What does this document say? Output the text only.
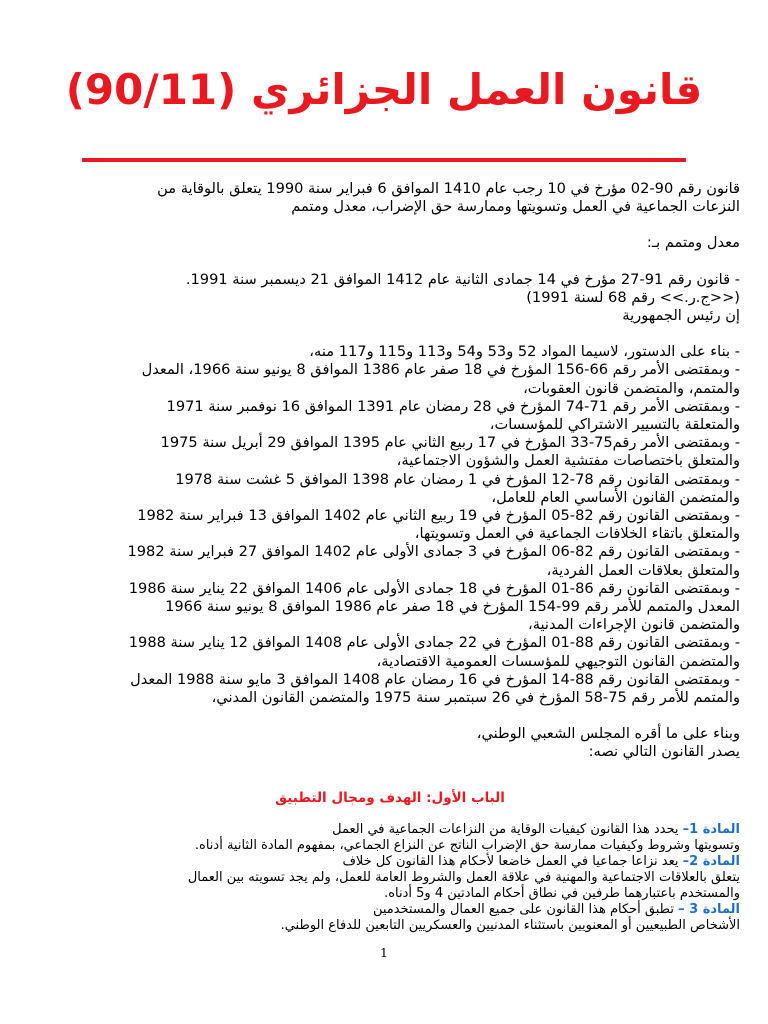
قانون العمل الجزائري (90/11)

قانون رقم 90-02 مؤرخ في 10 رجب عام 1410 الموافق 6 فبراير سنة 1990 يتعلق بالوقاية من

النزعات الجماعية في العمل وتسويتها وممارسة حق الإضراب، معدل ومتمم

معدل ومتمم بـ:

- قانون رقم 91-27 مؤرخ في 14 جمادى الثانية عام 1412 الموافق 21 ديسمبر سنة 1991.

(<<ج.ر.>> رقم 68 لسنة 1991)

إن رئيس الجمهورية

- بناء على الدستور، لاسيما المواد 52 و53 و54 و113 و115 و117 منه،

- وبمقتضى الأمر رقم 66-156 المؤرخ في 18 صفر عام 1386 الموافق 8 يونيو سنة 1966، المعدل

والمتمم، والمتضمن قانون العقوبات،

- وبمقتضى الأمر رقم 71-74 المؤرخ في 28 رمضان عام 1391 الموافق 16 نوفمبر سنة 1971

والمتعلقة بالتسيير الاشتراكي للمؤسسات،

- وبمقتضى الأمر رقم75-33 المؤرخ في 17 ربيع الثاني عام 1395 الموافق 29 أبريل سنة 1975

والمتعلق باختصاصات مفتشية العمل والشؤون الاجتماعية،

- وبمقتضى القانون رقم 78-12 المؤرخ في 1 رمضان عام 1398 الموافق 5 غشت سنة 1978

والمتضمن القانون الأساسي العام للعامل،

- وبمقتضى القانون رقم 82-05 المؤرخ في 19 ربيع الثاني عام 1402 الموافق 13 فبراير سنة 1982

والمتعلق باتقاء الخلافات الجماعية في العمل وتسويتها،

- وبمقتضى القانون رقم 82-06 المؤرخ في 3 جمادى الأولى عام 1402 الموافق 27 فبراير سنة 1982

والمتعلق بعلاقات العمل الفردية،

- وبمقتضى القانون رقم 86-01 المؤرخ في 18 جمادى الأولى عام 1406 الموافق 22 يناير سنة 1986

المعدل والمتمم للأمر رقم 99-154 المؤرخ في 18 صفر عام 1986 الموافق 8 يونيو سنة 1966

والمتضمن قانون الإجراءات المدنية،

- وبمقتضى القانون رقم 88-01 المؤرخ في 22 جمادى الأولى عام 1408 الموافق 12 يناير سنة 1988

والمتضمن القانون التوجيهي للمؤسسات العمومية الاقتصادية،

- وبمقتضى القانون رقم 88-14 المؤرخ في 16 رمضان عام 1408 الموافق 3 مايو سنة 1988 المعدل

والمتمم للأمر رقم 75-58 المؤرخ في 26 سبتمبر سنة 1975 والمتضمن القانون المدني،

وبناء على ما أقره المجلس الشعبي الوطني،

يصدر القانون التالي نصه:

الباب الأول: الهدف ومجال التطبيق

المادة 1– يحدد هذا القانون كيفيات الوقاية من النزاعات الجماعية في العمل

وتسويتها وشروط وكيفيات ممارسة حق الإضراب الناتج عن النزاع الجماعي، بمفهوم المادة الثانية أدناه.

المادة 2– يعد نزاعا جماعيا في العمل خاضعا لأحكام هذا القانون كل خلاف

يتعلق بالعلاقات الاجتماعية والمهنية في علاقة العمل والشروط العامة للعمل، ولم يجد تسويته بين العمال

والمستخدم باعتبارهما طرفين في نطاق أحكام المادتين 4 و5 أدناه.

المادة 3 – تطبق أحكام هذا القانون على جميع العمال والمستخدمين

الأشخاص الطبيعيين أو المعنويين باستثناء المدنيين والعسكريين التابعين للدفاع الوطني.

1
